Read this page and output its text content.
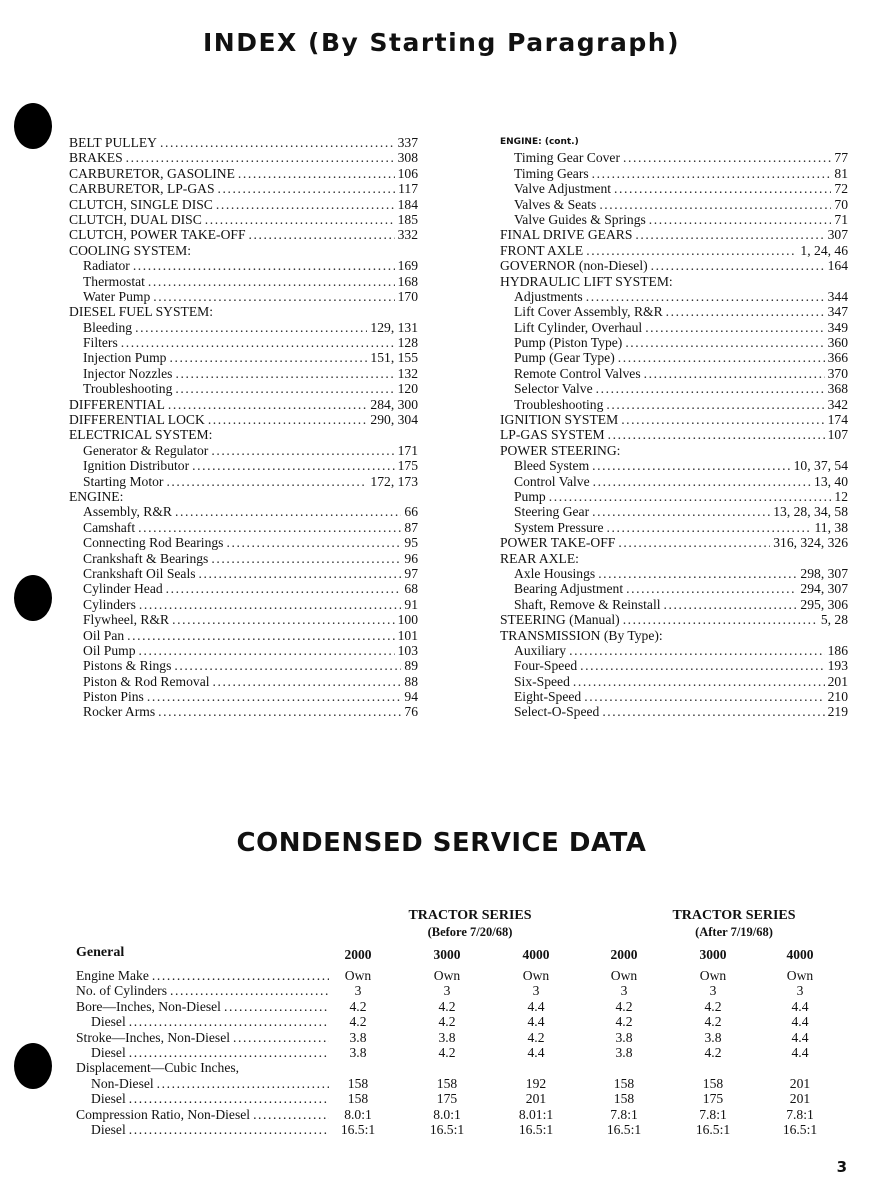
INDEX (By Starting Paragraph)
BELT PULLEY .....	337
BRAKES .....	308
CARBURETOR, GASOLINE .....	106
CARBURETOR, LP-GAS .....	117
CLUTCH, SINGLE DISC .....	184
CLUTCH, DUAL DISC .....	185
CLUTCH, POWER TAKE-OFF .....	332
COOLING SYSTEM:
Radiator .....	169
Thermostat .....	168
Water Pump .....	170
DIESEL FUEL SYSTEM:
Bleeding .....	129, 131
Filters .....	128
Injection Pump .....	151, 155
Injector Nozzles .....	132
Troubleshooting .....	120
DIFFERENTIAL .....	284, 300
DIFFERENTIAL LOCK .....	290, 304
ELECTRICAL SYSTEM:
Generator & Regulator .....	171
Ignition Distributor .....	175
Starting Motor .....	172, 173
ENGINE:
Assembly, R&R .....	66
Camshaft .....	87
Connecting Rod Bearings .....	95
Crankshaft & Bearings .....	96
Crankshaft Oil Seals .....	97
Cylinder Head .....	68
Cylinders .....	91
Flywheel, R&R .....	100
Oil Pan .....	101
Oil Pump .....	103
Pistons & Rings .....	89
Piston & Rod Removal .....	88
Piston Pins .....	94
Rocker Arms .....	76
ENGINE: (cont.)
Timing Gear Cover .....	77
Timing Gears .....	81
Valve Adjustment .....	72
Valves & Seats .....	70
Valve Guides & Springs .....	71
FINAL DRIVE GEARS .....	307
FRONT AXLE .....	1, 24, 46
GOVERNOR (non-Diesel) .....	164
HYDRAULIC LIFT SYSTEM:
Adjustments .....	344
Lift Cover Assembly, R&R .....	347
Lift Cylinder, Overhaul .....	349
Pump (Piston Type) .....	360
Pump (Gear Type) .....	366
Remote Control Valves .....	370
Selector Valve .....	368
Troubleshooting .....	342
IGNITION SYSTEM .....	174
LP-GAS SYSTEM .....	107
POWER STEERING:
Bleed System .....	10, 37, 54
Control Valve .....	13, 40
Pump .....	12
Steering Gear .....	13, 28, 34, 58
System Pressure .....	11, 38
POWER TAKE-OFF .....	316, 324, 326
REAR AXLE:
Axle Housings .....	298, 307
Bearing Adjustment .....	294, 307
Shaft, Remove & Reinstall .....	295, 306
STEERING (Manual) .....	5, 28
TRANSMISSION (By Type):
Auxiliary .....	186
Four-Speed .....	193
Six-Speed .....	201
Eight-Speed .....	210
Select-O-Speed .....	219
CONDENSED SERVICE DATA
TRACTOR SERIES
(Before 7/20/68)
TRACTOR SERIES
(After 7/19/68)
General	2000	3000	4000	2000	3000	4000
Engine Make .....	Own	Own	Own	Own	Own	Own
No. of Cylinders .....	3	3	3	3	3	3
Bore—Inches, Non-Diesel .....	4.2	4.2	4.4	4.2	4.2	4.4
Diesel .....	4.2	4.2	4.4	4.2	4.2	4.4
Stroke—Inches, Non-Diesel .....	3.8	3.8	4.2	3.8	3.8	4.4
Diesel .....	3.8	4.2	4.4	3.8	4.2	4.4
Displacement—Cubic Inches,
Non-Diesel .....	158	158	192	158	158	201
Diesel .....	158	175	201	158	175	201
Compression Ratio, Non-Diesel .....	8.0:1	8.0:1	8.01:1	7.8:1	7.8:1	7.8:1
Diesel .....	16.5:1	16.5:1	16.5:1	16.5:1	16.5:1	16.5:1
3
